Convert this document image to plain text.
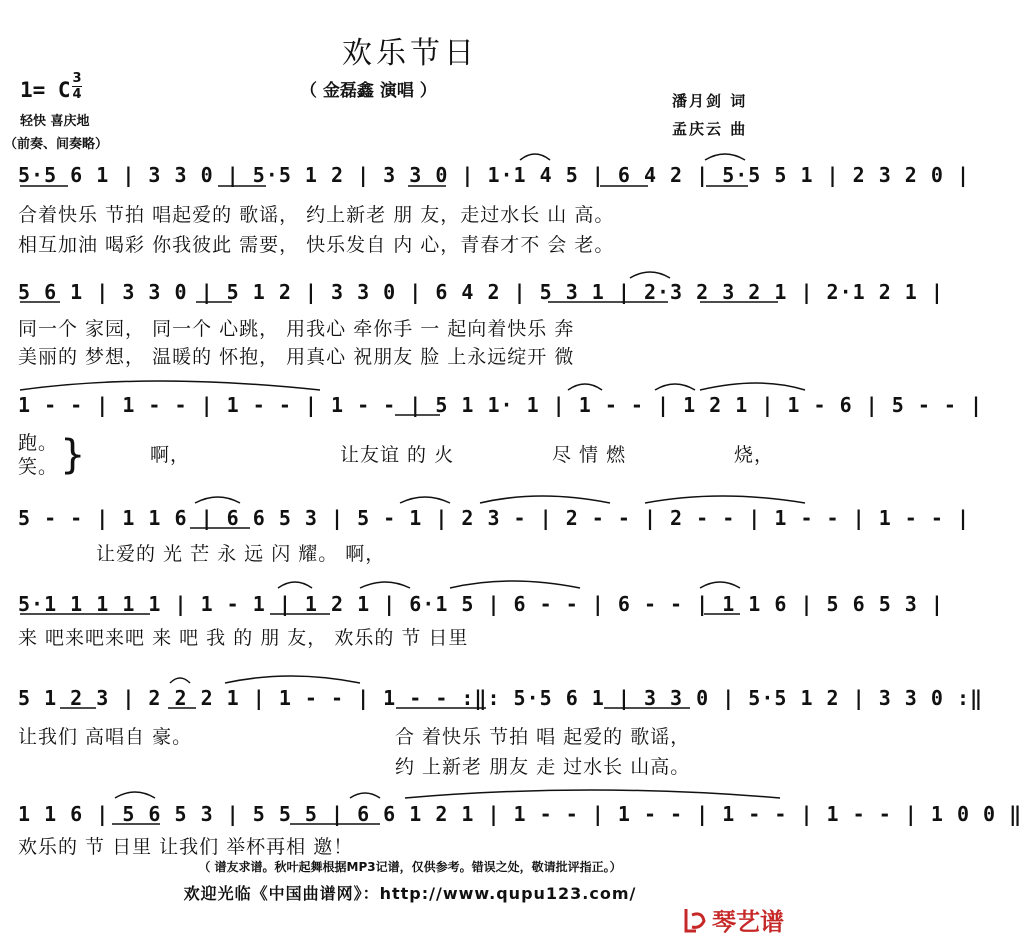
欢乐节日
（ 金磊鑫 演唱 ）
1= C 3
4
轻快 喜庆地
（前奏、间奏略）
潘月剑 词
孟庆云 曲
5·5 6 1 | 3 3 0 | 5·5 1 2 | 3 3 0 | 1·1 4 5 | 6 4 2 | 5·5 5 1 | 2 3 2 0 |
合着快乐 节拍 唱起爱的 歌谣， 约上新老 朋 友，走过水长 山 高。
相互加油 喝彩 你我彼此 需要， 快乐发自 内 心，青春才不 会 老。
5 6 1 | 3 3 0 | 5 1 2 | 3 3 0 | 6 4 2 | 5 3 1 | 2·3 2 3 2 1 | 2·1 2 1 |
同一个 家园， 同一个 心跳， 用我心 牵你手 一 起向着快乐 奔
美丽的 梦想， 温暖的 怀抱， 用真心 祝朋友 脸 上永远绽开 微
1 - - | 1 - - | 1 - - | 1 - - | 5 1 1· 1 | 1 - - | 1 2 1 | 1 - 6 | 5 - - |
跑。
笑。 }	啊，	让友谊 的 火	尽 情 燃	烧，
5 - - | 1 1 6 | 6 6 5 3 | 5 - 1 | 2 3 - | 2 - - | 2 - - | 1 - - | 1 - - |
让爱的 光 芒 永 远 闪 耀。 啊，
5·1 1 1 1 1 | 1 - 1 | 1 2 1 | 6·1 5 | 6 - - | 6 - - | 1 1 6 | 5 6 5 3 |
来 吧来吧来吧 来 吧 我 的 朋 友， 欢乐的 节 日里
5 1 2 3 | 2 2 2 1 | 1 - - | 1 - - :‖: 5·5 6 1 | 3 3 0 | 5·5 1 2 | 3 3 0 :‖
让我们 高唱自 豪。	合 着快乐 节拍 唱 起爱的 歌谣，
约 上新老 朋友 走 过水长 山高。
1 1 6 | 5 6 5 3 | 5 5 5 | 6 6 1 2 1 | 1 - - | 1 - - | 1 - - | 1 - - | 1 0 0 ‖
欢乐的 节 日里 让我们 举杯再相 邀！
（ 谱友求谱。秋叶起舞根据MP3记谱，仅供参考。错误之处，敬请批评指正。）
欢迎光临《中国曲谱网》：http://www.qupu123.com/
琴艺谱
